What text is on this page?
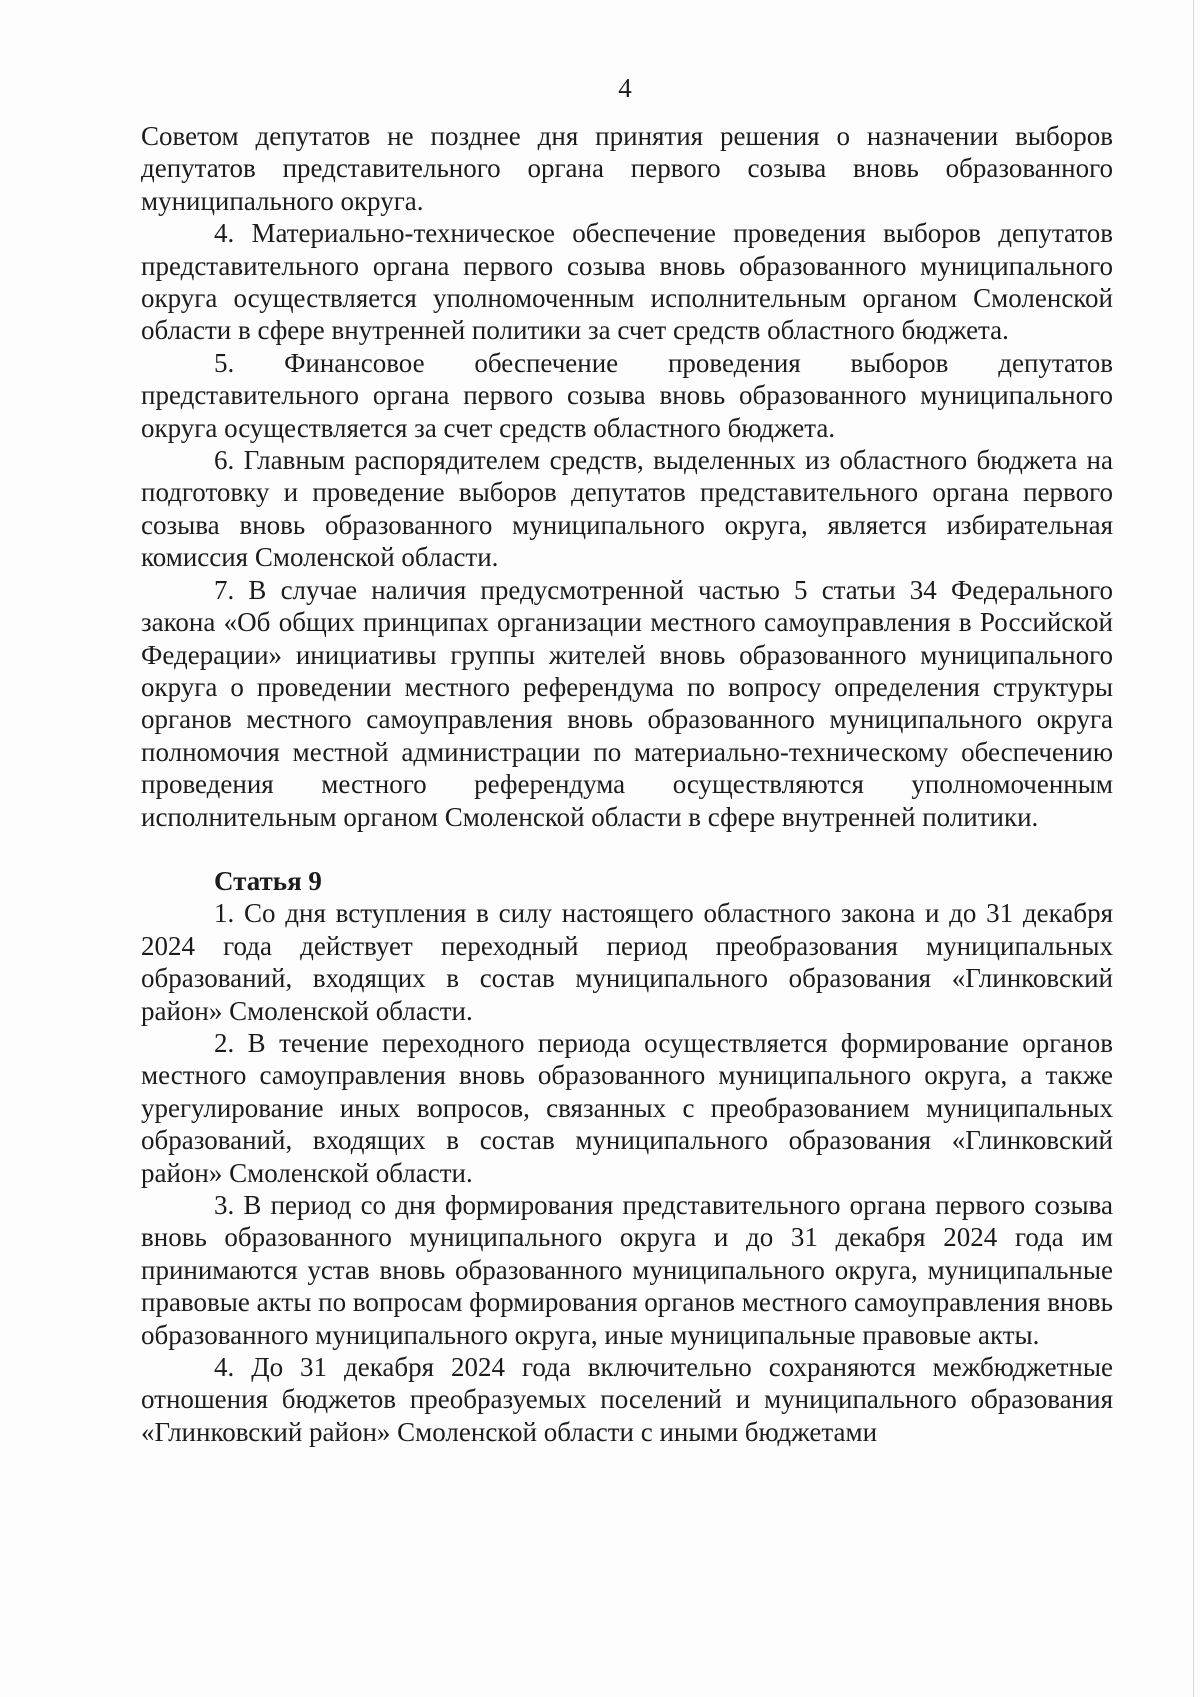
4

Советом депутатов не позднее дня принятия решения о назначении выборов депутатов представительного органа первого созыва вновь образованного муниципального округа.

4. Материально-техническое обеспечение проведения выборов депутатов представительного органа первого созыва вновь образованного муниципального округа осуществляется уполномоченным исполнительным органом Смоленской области в сфере внутренней политики за счет средств областного бюджета.

5. Финансовое обеспечение проведения выборов депутатов представительного органа первого созыва вновь образованного муниципального округа осуществляется за счет средств областного бюджета.

6. Главным распорядителем средств, выделенных из областного бюджета на подготовку и проведение выборов депутатов представительного органа первого созыва вновь образованного муниципального округа, является избирательная комиссия Смоленской области.

7. В случае наличия предусмотренной частью 5 статьи 34 Федерального закона «Об общих принципах организации местного самоуправления в Российской Федерации» инициативы группы жителей вновь образованного муниципального округа о проведении местного референдума по вопросу определения структуры органов местного самоуправления вновь образованного муниципального округа полномочия местной администрации по материально-техническому обеспечению проведения местного референдума осуществляются уполномоченным исполнительным органом Смоленской области в сфере внутренней политики.

Статья 9

1. Со дня вступления в силу настоящего областного закона и до 31 декабря 2024 года действует переходный период преобразования муниципальных образований, входящих в состав муниципального образования «Глинковский район» Смоленской области.

2. В течение переходного периода осуществляется формирование органов местного самоуправления вновь образованного муниципального округа, а также урегулирование иных вопросов, связанных с преобразованием муниципальных образований, входящих в состав муниципального образования «Глинковский район» Смоленской области.

3. В период со дня формирования представительного органа первого созыва вновь образованного муниципального округа и до 31 декабря 2024 года им принимаются устав вновь образованного муниципального округа, муниципальные правовые акты по вопросам формирования органов местного самоуправления вновь образованного муниципального округа, иные муниципальные правовые акты.

4. До 31 декабря 2024 года включительно сохраняются межбюджетные отношения бюджетов преобразуемых поселений и муниципального образования «Глинковский район» Смоленской области с иными бюджетами
